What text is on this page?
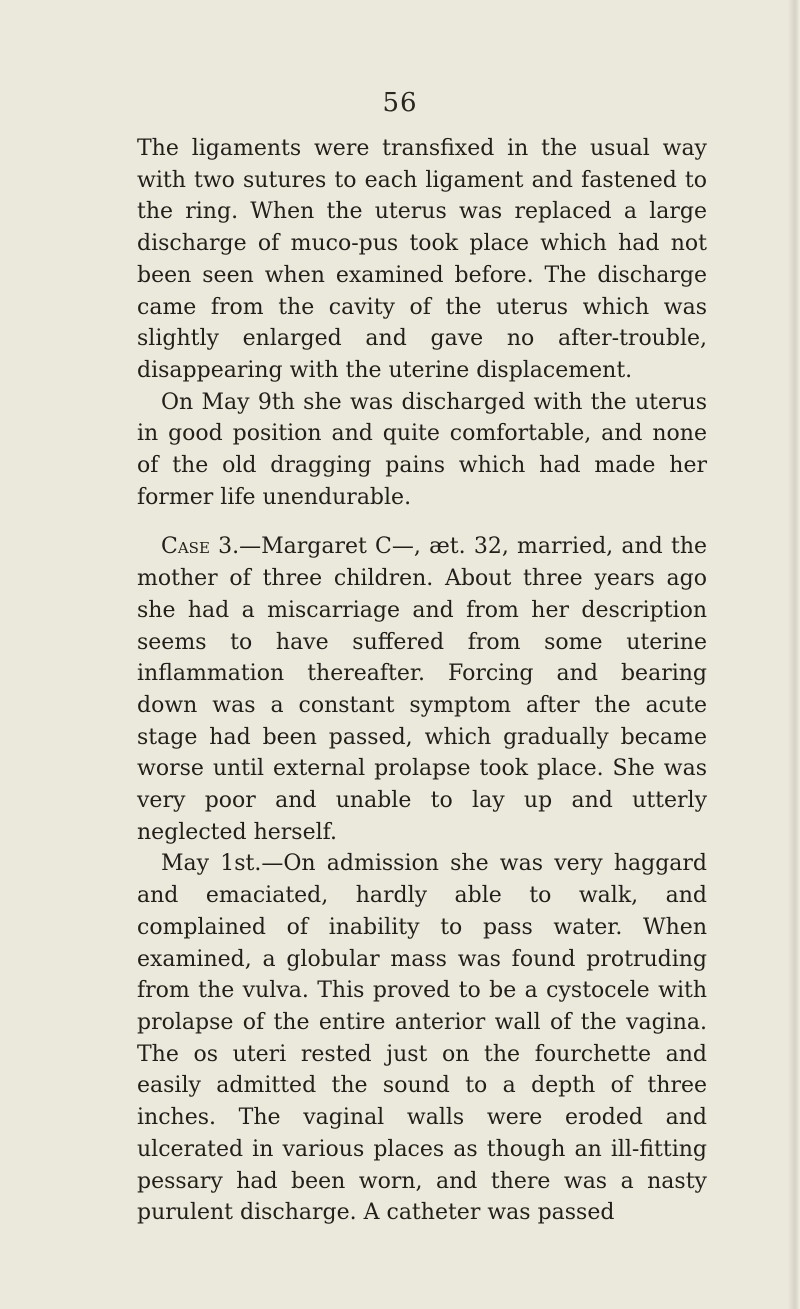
56

The ligaments were transfixed in the usual way with two sutures to each ligament and fastened to the ring. When the uterus was replaced a large discharge of muco-pus took place which had not been seen when examined before. The discharge came from the cavity of the uterus which was slightly enlarged and gave no after-trouble, disappearing with the uterine displacement.

On May 9th she was discharged with the uterus in good position and quite comfortable, and none of the old dragging pains which had made her former life unendurable.

Case 3.—Margaret C—, æt. 32, married, and the mother of three children. About three years ago she had a miscarriage and from her description seems to have suffered from some uterine inflammation thereafter. Forcing and bearing down was a constant symptom after the acute stage had been passed, which gradually became worse until external prolapse took place. She was very poor and unable to lay up and utterly neglected herself.

May 1st.—On admission she was very haggard and emaciated, hardly able to walk, and complained of inability to pass water. When examined, a globular mass was found protruding from the vulva. This proved to be a cystocele with prolapse of the entire anterior wall of the vagina. The os uteri rested just on the fourchette and easily admitted the sound to a depth of three inches. The vaginal walls were eroded and ulcerated in various places as though an ill-fitting pessary had been worn, and there was a nasty purulent discharge. A catheter was passed
